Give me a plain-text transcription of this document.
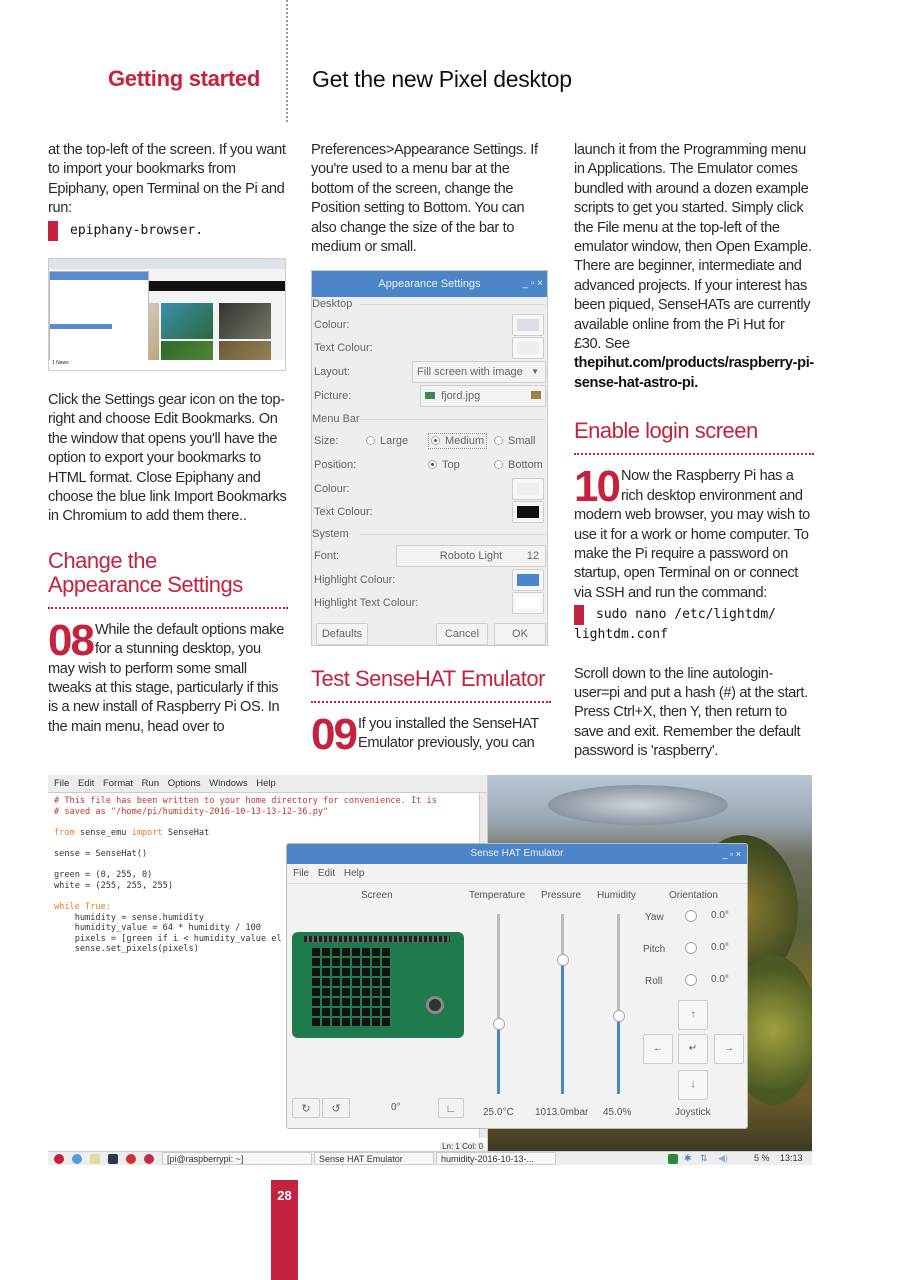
Getting started Get the new Pixel desktop

at the top-left of the screen. If you want to import your bookmarks from Epiphany, open Terminal on the Pi and run:

epiphany-browser.
1 News

Click the Settings gear icon on the top-right and choose Edit Bookmarks. On the window that opens you'll have the option to export your bookmarks to HTML format. Close Epiphany and choose the blue link Import Bookmarks in Chromium to add them there..

Change the
Appearance Settings
08 While the default options make for a stunning desktop, you may wish to perform some small tweaks at this stage, particularly if this is a new install of Raspberry Pi OS. In the main menu, head over to

Preferences>Appearance Settings. If you're used to a menu bar at the bottom of the screen, change the Position setting to Bottom. You can also change the size of the bar to medium or small.

Appearance Settings	_ ▫ ×
Desktop
Colour:
Text Colour:
Layout:	Fill screen with image ▼
Picture:	fjord.jpg
Menu Bar
Size:	Large	Medium	Small
Position:	Top	Bottom
Colour:
Text Colour:
System
Font:	Roboto Light 12
Highlight Colour:
Highlight Text Colour:
Defaults	Cancel	OK
Test SenseHAT Emulator
09 If you installed the SenseHAT Emulator previously, you can

launch it from the Programming menu in Applications. The Emulator comes bundled with around a dozen example scripts to get you started. Simply click the File menu at the top-left of the emulator window, then Open Example. There are beginner, intermediate and advanced projects. If your interest has been piqued, SenseHATs are currently available online from the Pi Hut for £30. See thepihut.com/products/raspberry-pi-sense-hat-astro-pi.

Enable login screen
10 Now the Raspberry Pi has a rich desktop environment and modern web browser, you may wish to use it for a work or home computer. To make the Pi require a password on startup, open Terminal on or connect via SSH and run the command:
sudo nano /etc/lightdm/
lightdm.conf

Scroll down to the line autologin-user=pi and put a hash (#) at the start. Press Ctrl+X, then Y, then return to save and exit. Remember the default password is 'raspberry'.

File Edit Format Run Options Windows Help
# This file has been written to your home directory for convenience. It is
# saved as "/home/pi/humidity-2016-10-13-13-12-36.py"

from sense_emu import SenseHat

sense = SenseHat()

green = (0, 255, 0)
white = (255, 255, 255)

while True:
humidity = sense.humidity
humidity_value = 64 * humidity / 100
pixels = [green if i < humidity_value el
sense.set_pixels(pixels)
Ln: 1 Col: 0
Sense HAT Emulator	_ ▫ ×
File Edit Help
Screen	Temperature Pressure Humidity	Orientation
↻	↺	0°	∟	25.0°C 1013.0mbar 45.0%
Yaw	0.0°
Pitch	0.0°
Roll	0.0°
↑
←	↵	→
↓
Joystick
[pi@raspberrypi: ~]	Sense HAT Emulator	humidity-2016-10-13-...	✱ ⇅ ◀)	5 % 13:13
28
